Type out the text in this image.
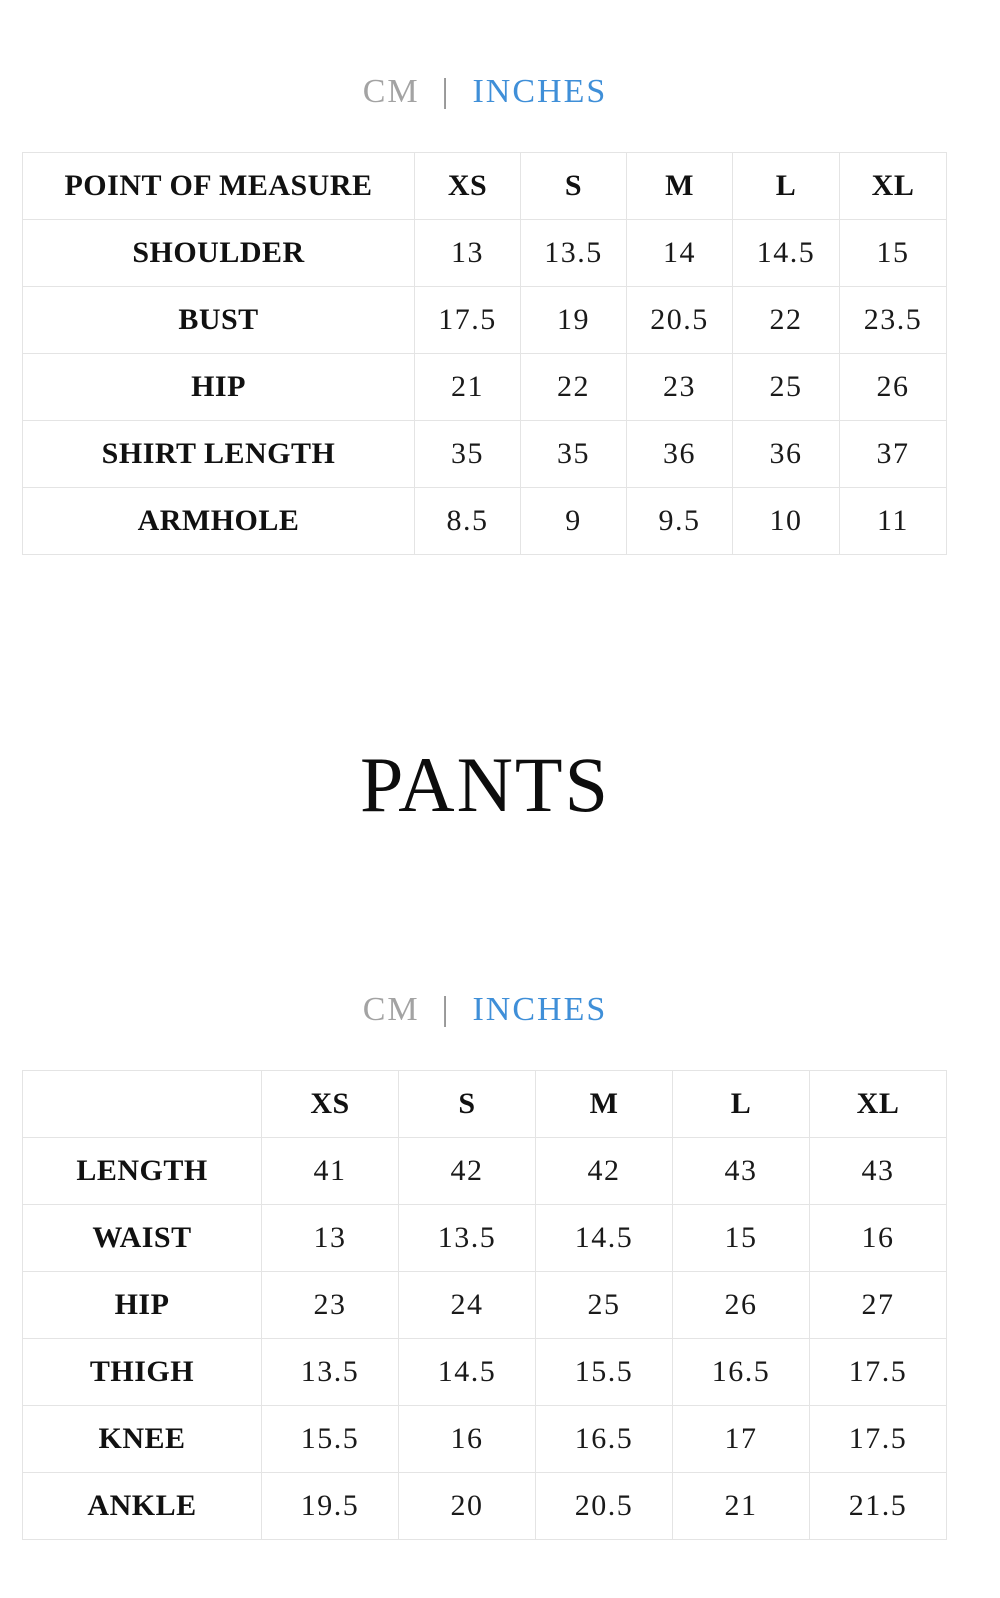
CM | INCHES
POINT OF MEASURE	XS	S	M	L	XL
SHOULDER	13	13.5	14	14.5	15
BUST	17.5	19	20.5	22	23.5
HIP	21	22	23	25	26
SHIRT LENGTH	35	35	36	36	37
ARMHOLE	8.5	9	9.5	10	11
PANTS
CM | INCHES
	XS	S	M	L	XL
LENGTH	41	42	42	43	43
WAIST	13	13.5	14.5	15	16
HIP	23	24	25	26	27
THIGH	13.5	14.5	15.5	16.5	17.5
KNEE	15.5	16	16.5	17	17.5
ANKLE	19.5	20	20.5	21	21.5
